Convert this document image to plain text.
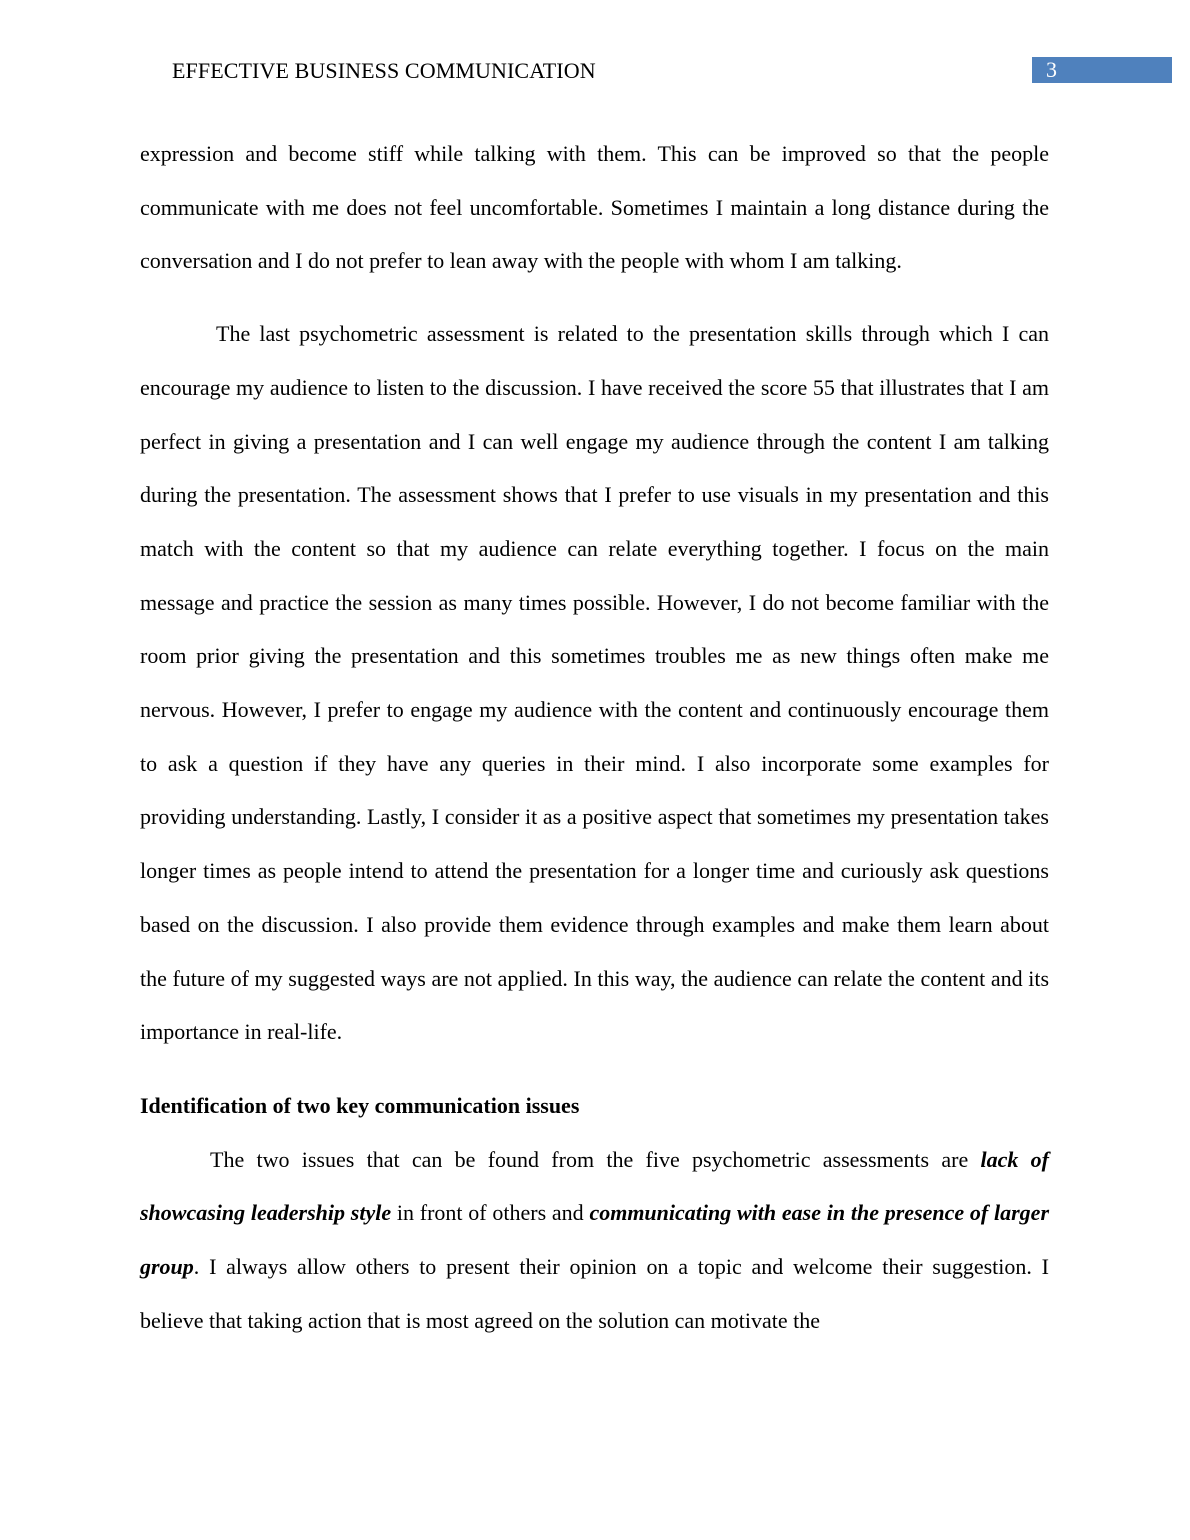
EFFECTIVE BUSINESS COMMUNICATION	3

expression and become stiff while talking with them. This can be improved so that the people communicate with me does not feel uncomfortable. Sometimes I maintain a long distance during the conversation and I do not prefer to lean away with the people with whom I am talking.

The last psychometric assessment is related to the presentation skills through which I can encourage my audience to listen to the discussion. I have received the score 55 that illustrates that I am perfect in giving a presentation and I can well engage my audience through the content I am talking during the presentation. The assessment shows that I prefer to use visuals in my presentation and this match with the content so that my audience can relate everything together. I focus on the main message and practice the session as many times possible. However, I do not become familiar with the room prior giving the presentation and this sometimes troubles me as new things often make me nervous. However, I prefer to engage my audience with the content and continuously encourage them to ask a question if they have any queries in their mind. I also incorporate some examples for providing understanding. Lastly, I consider it as a positive aspect that sometimes my presentation takes longer times as people intend to attend the presentation for a longer time and curiously ask questions based on the discussion. I also provide them evidence through examples and make them learn about the future of my suggested ways are not applied. In this way, the audience can relate the content and its importance in real-life.

Identification of two key communication issues

The two issues that can be found from the five psychometric assessments are lack of showcasing leadership style in front of others and communicating with ease in the presence of larger group. I always allow others to present their opinion on a topic and welcome their suggestion. I believe that taking action that is most agreed on the solution can motivate the
